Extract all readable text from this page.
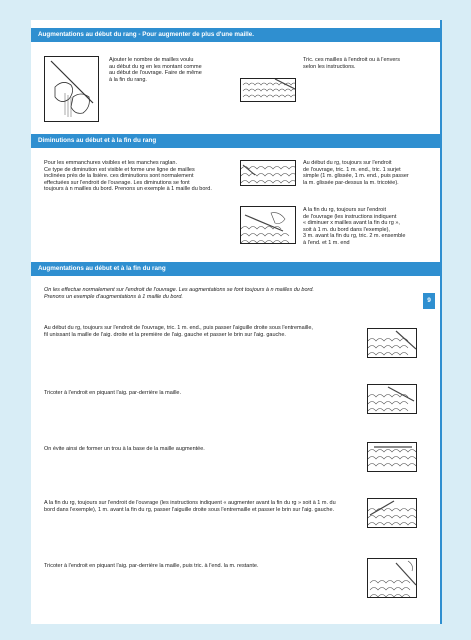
Augmentations au début du rang - Pour augmenter de plus d'une maille.
Ajouter le nombre de mailles voulu
au début du rg en les montant comme
au début de l'ouvrage. Faire de même
à la fin du rang.
Tric. ces mailles à l'endroit ou à l'envers
selon les instructions.
Diminutions au début et à la fin du rang
Pour les emmanchures visibles et les manches raglan.
Ce type de diminution est visible et forme une ligne de mailles
inclinées près de la lisière. ces diminutions sont normalement
effectuées sur l'endroit de l'ouvrage. Les diminutions se font
toujours à n mailles du bord. Prenons un exemple à 1 maille du bord.
Au début du rg, toujours sur l'endroit
de l'ouvrage, tric. 1 m. end., tric. 1 surjet
simple (1 m. glissée, 1 m. end., puis passer
la m. glissée par-dessus la m. tricotée).
A la fin du rg, toujours sur l'endroit
de l'ouvrage (les instructions indiquent
« diminuer x mailles avant la fin du rg »,
soit à 1 m. du bord dans l'exemple),
3 m. avant la fin du rg, tric. 2 m. ensemble
à l'end. et 1 m. end
Augmentations au début et à la fin du rang
On les effectue normalement sur l'endroit de l'ouvrage. Les augmentations se font toujours à n mailles du bord.
Prenons un exemple d'augmentations à 1 maille du bord.
Au début du rg, toujours sur l'endroit de l'ouvrage, tric. 1 m. end., puis passer l'aiguille droite sous l'entremaille,
fil unissant la maille de l'aig. droite et la première de l'aig. gauche et passer le brin sur l'aig. gauche.
Tricoter à l'endroit en piquant l'aig. par-derrière la maille.
On évite ainsi de former un trou à la base de la maille augmentée.
A la fin du rg, toujours sur l'endroit de l'ouvrage (les instructions indiquent « augmenter avant la fin du rg » soit à 1 m. du
bord dans l'exemple), 1 m. avant la fin du rg, passer l'aiguille droite sous l'entremaille et passer le brin sur l'aig. gauche.
Tricoter à l'endroit en piquant l'aig. par-derrière la maille, puis tric. à l'end. la m. restante.
9
